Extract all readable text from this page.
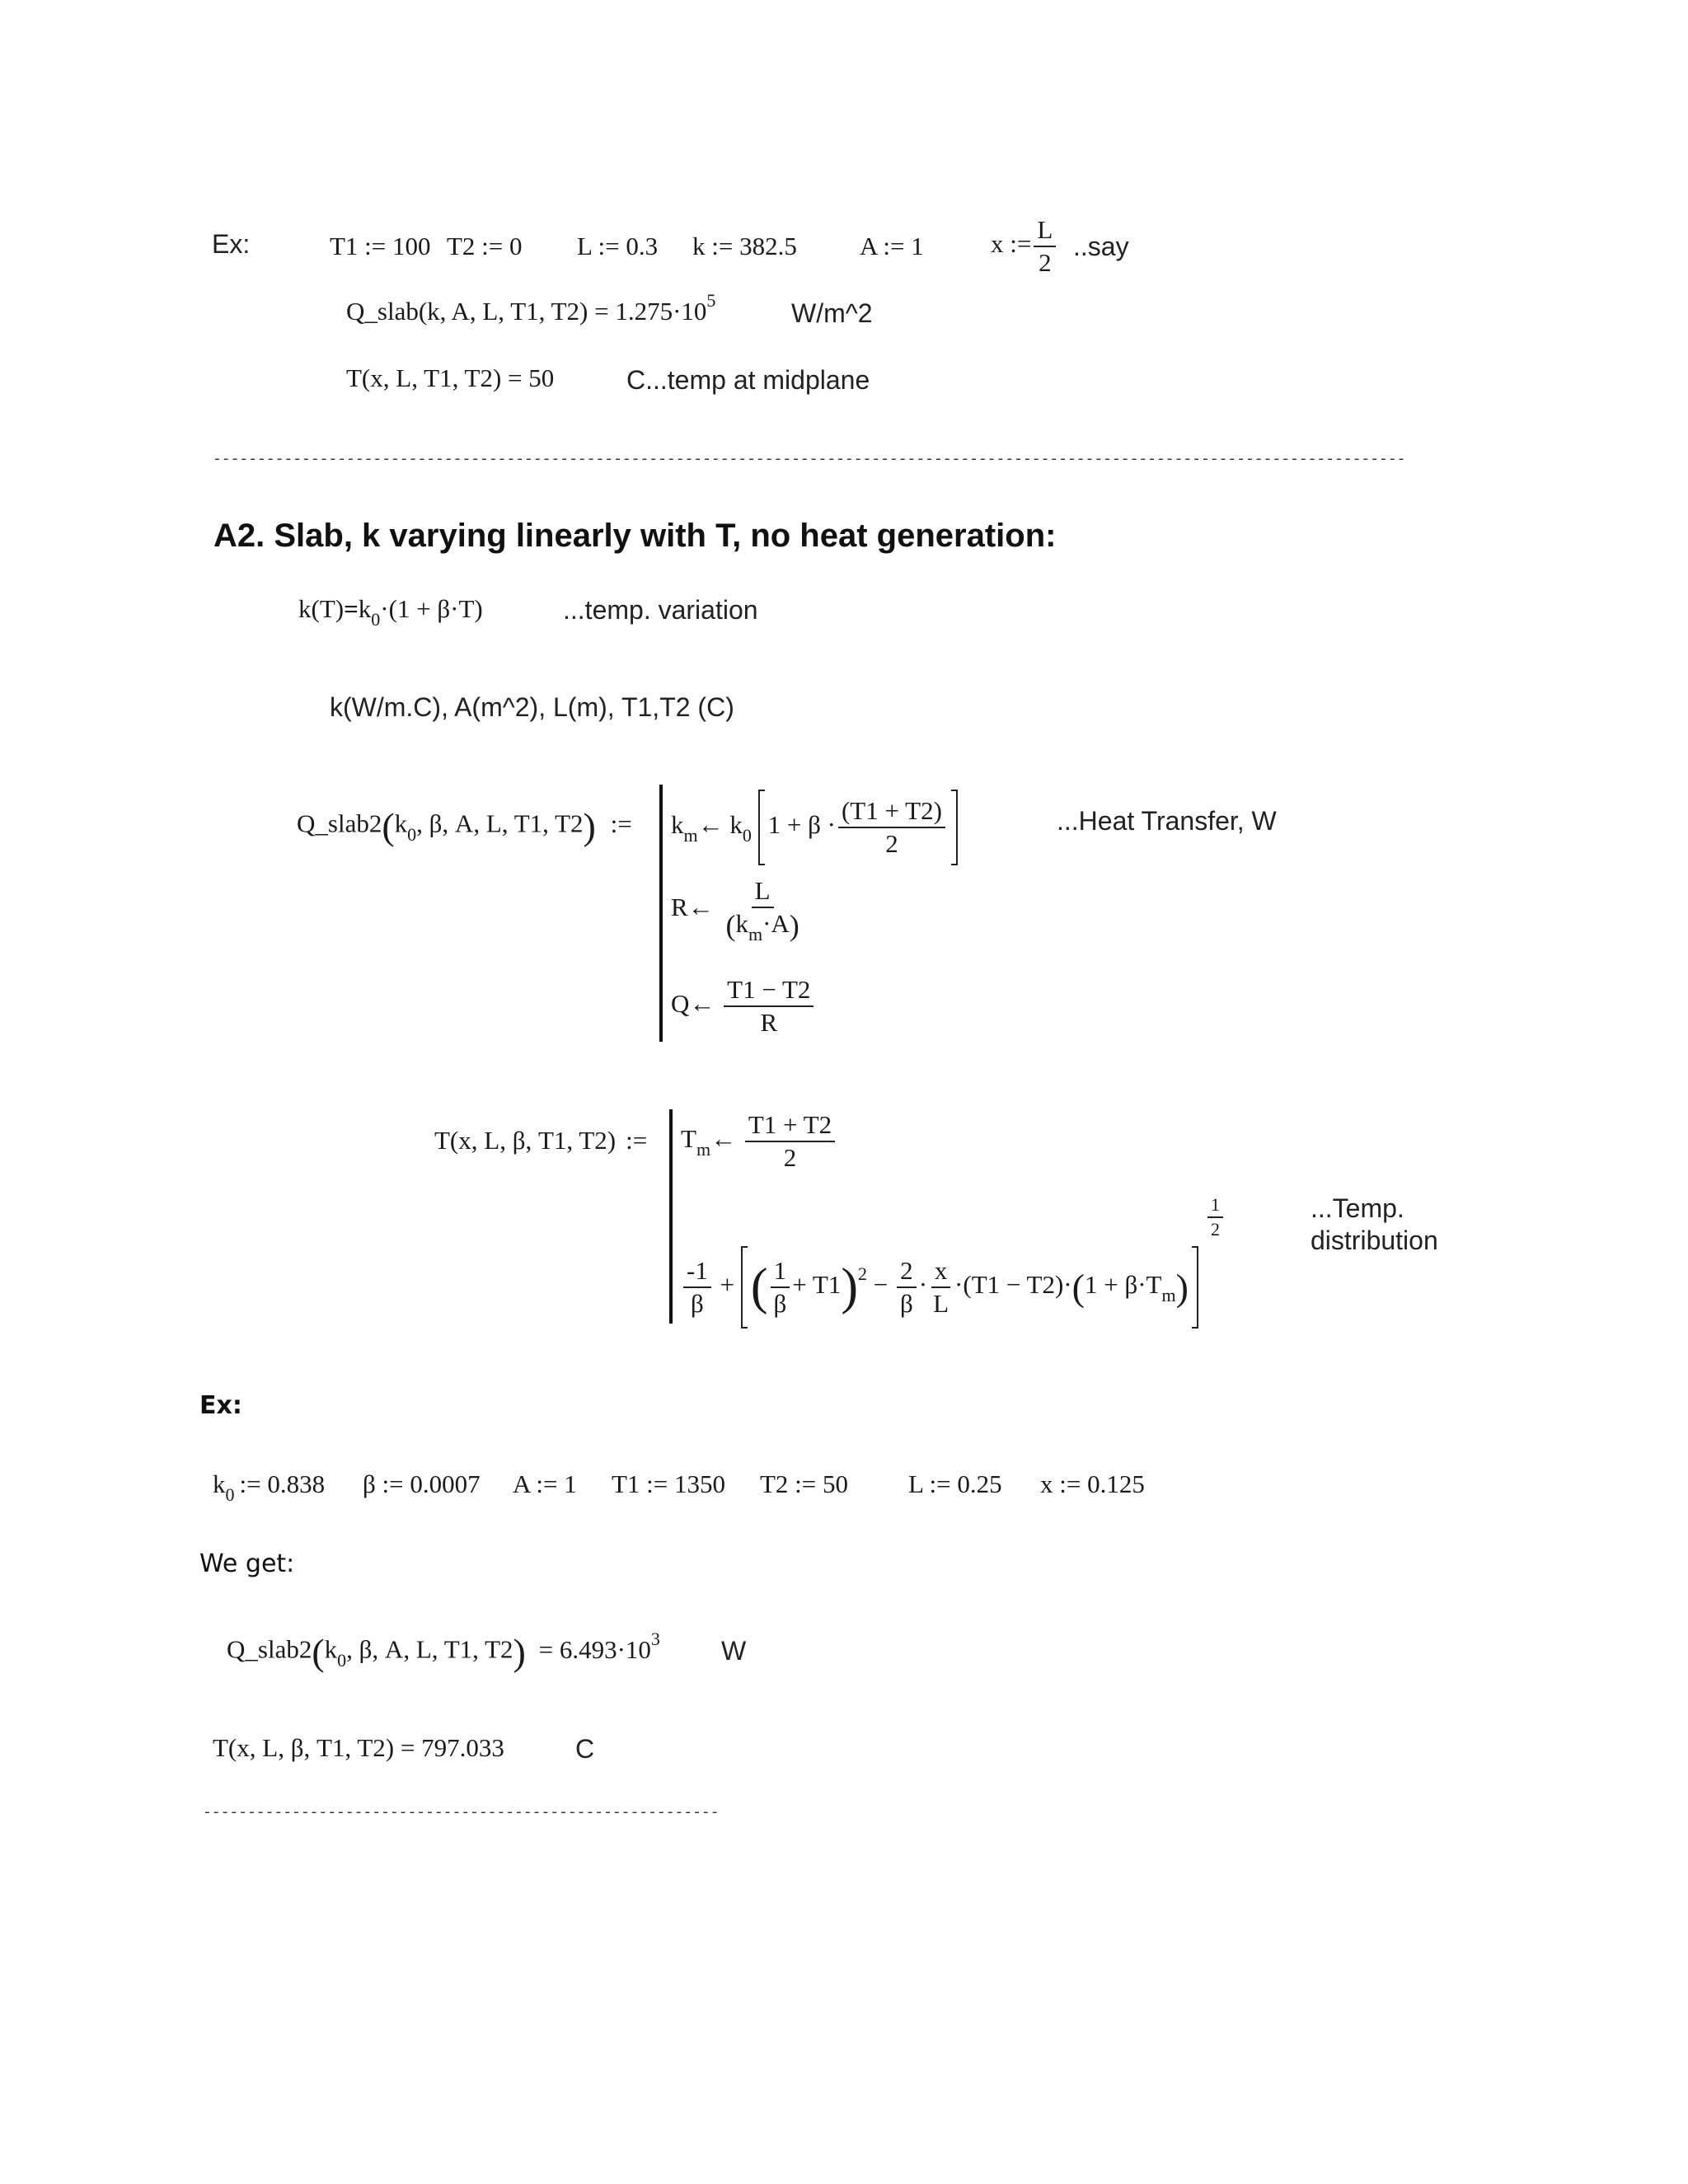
Ex:	T1 := 100 T2 := 0 L := 0.3 k := 382.5 A := 1	x := $\frac{L}{2} ..say$
Q_slab(k, A, L, T1, $T2) = 1.275\cdot 10^5$	W/m^2
T(x, L, T1, T2) = 50	C...temp at midplane
--------------------------------------------------------------------------------------------------------------------------------------
A2. Slab, k varying linearly with T, no heat generation:
$k(T)=k_0\cdot(1 + \beta\cdot T)$	...temp. variation
k(W/m.C), A(m^2), L(m), T1,T2 (C)
$Q\_slab2(k_0$, β, A, L, T1, T2) := $k_m\leftarrow$ $k_0$ $1 + \beta \cdot \frac{(T1 + T2)}{2}$
R← $\frac{L}{(k_m\cdot A)}$
Q← $\frac{T1 - T2}{R}$
...Heat Transfer, W
T(x, L, β, T1, T2) := $T_m\leftarrow \frac{T1 + T2}{2}$
$\frac{-1}{\beta}$ + ( $\frac{1}{\beta} + T1)^2 - \frac{2}{\beta} \cdot \frac{x}{L} \cdot(T1 - T2)\cdot(1 + \beta\cdot T_m)$
$\frac{1}{2}$	...Temp.
distribution
Ex:
$k_0$ := 0.838 β := 0.0007 A := 1 T1 := 1350 T2 := 50 L := 0.25 x := 0.125
We get:
$Q\_slab2(k_0$, β, A, L, T1, $T2) = 6.493\cdot 10^3$ W
T(x, L, β, T1, T2) = 797.033	C
----------------------------------------------------------
